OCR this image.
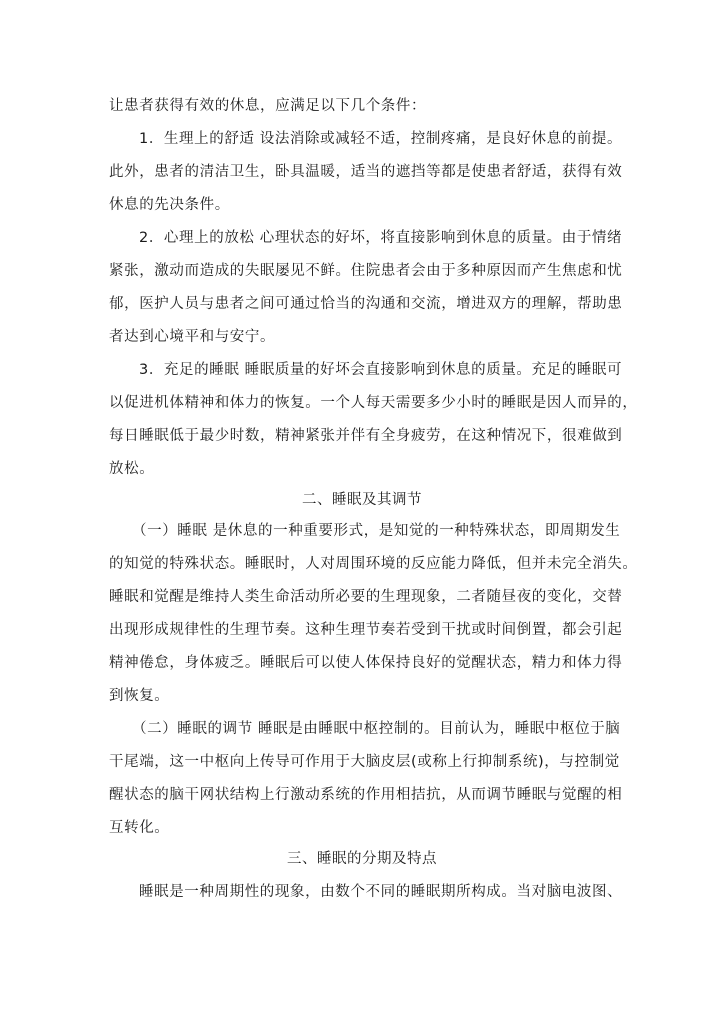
让患者获得有效的休息，应满足以下几个条件：
1．生理上的舒适 设法消除或减轻不适，控制疼痛，是良好休息的前提。
此外，患者的清洁卫生，卧具温暖，适当的遮挡等都是使患者舒适，获得有效
休息的先决条件。
2．心理上的放松 心理状态的好坏，将直接影响到休息的质量。由于情绪
紧张，激动而造成的失眠屡见不鲜。住院患者会由于多种原因而产生焦虑和忧
郁，医护人员与患者之间可通过恰当的沟通和交流，增进双方的理解，帮助患
者达到心境平和与安宁。
3．充足的睡眠 睡眠质量的好坏会直接影响到休息的质量。充足的睡眠可
以促进机体精神和体力的恢复。一个人每天需要多少小时的睡眠是因人而异的，
每日睡眠低于最少时数，精神紧张并伴有全身疲劳，在这种情况下，很难做到
放松。
二、睡眠及其调节
（一）睡眠 是休息的一种重要形式，是知觉的一种特殊状态，即周期发生
的知觉的特殊状态。睡眠时，人对周围环境的反应能力降低，但并未完全消失。
睡眠和觉醒是维持人类生命活动所必要的生理现象，二者随昼夜的变化，交替
出现形成规律性的生理节奏。这种生理节奏若受到干扰或时间倒置，都会引起
精神倦怠，身体疲乏。睡眠后可以使人体保持良好的觉醒状态，精力和体力得
到恢复。
（二）睡眠的调节 睡眠是由睡眠中枢控制的。目前认为，睡眠中枢位于脑
干尾端，这一中枢向上传导可作用于大脑皮层(或称上行抑制系统)，与控制觉
醒状态的脑干网状结构上行激动系统的作用相拮抗，从而调节睡眠与觉醒的相
互转化。
三、睡眠的分期及特点
睡眠是一种周期性的现象，由数个不同的睡眠期所构成。当对脑电波图、
